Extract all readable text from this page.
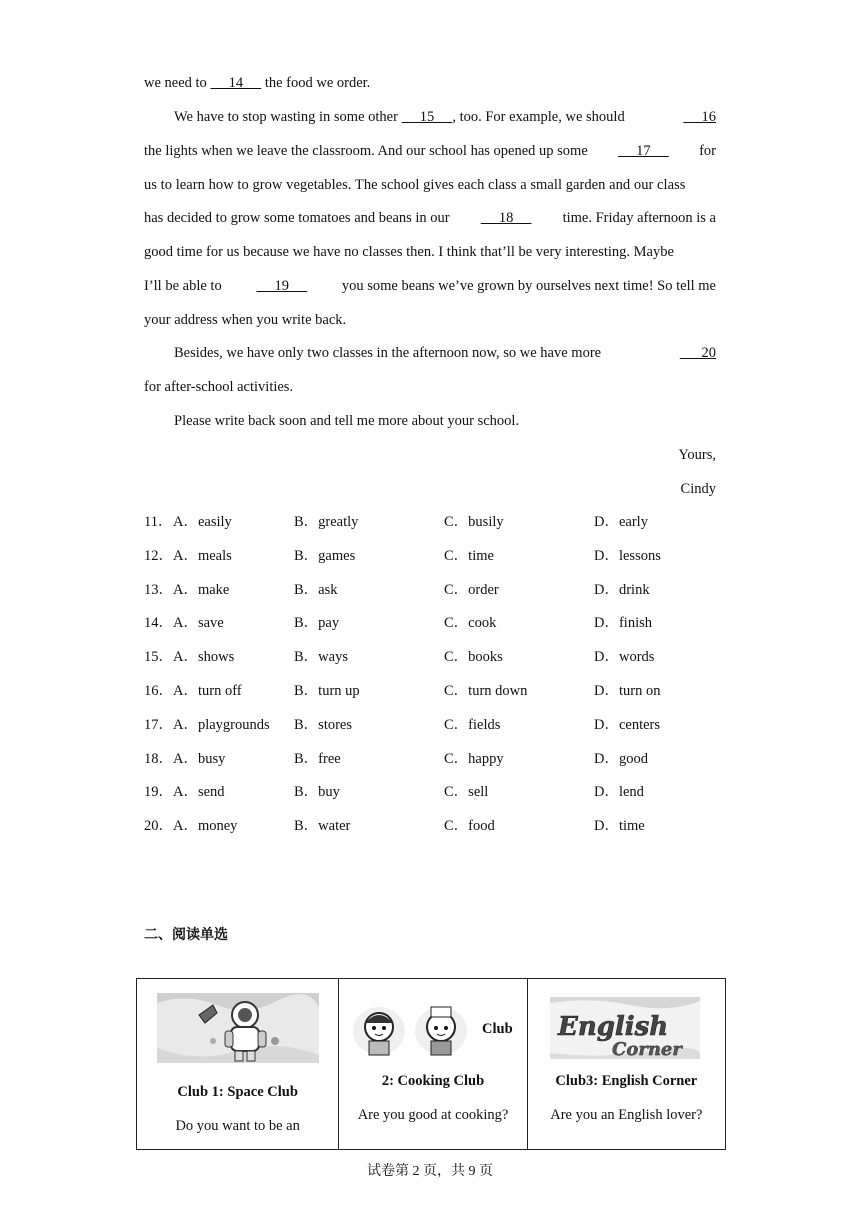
we need to      14      the food we order.
We have to stop wasting in some other      15     , too. For example, we should	16
the lights when we leave the classroom. And our school has opened up some 17 for
us to learn how to grow vegetables. The school gives each class a small garden and our class
has decided to grow some tomatoes and beans in our 18 time. Friday afternoon is a
good time for us because we have no classes then. I think that’ll be very interesting. Maybe
I’ll be able to 19 you some beans we’ve grown by ourselves next time! So tell me
your address when you write back.
Besides, we have only two classes in the afternoon now, so we have more	20
for after-school activities.
Please write back soon and tell me more about your school.
Yours,
Cindy
11． A．easily	B．greatly	C．busily	D．early
12． A．meals	B．games	C．time	D．lessons
13． A．make	B．ask	C．order	D．drink
14． A．save	B．pay	C．cook	D．finish
15． A．shows	B．ways	C．books	D．words
16． A．turn off	B．turn up	C．turn down	D．turn on
17． A．playgrounds B．stores	C．fields	D．centers
18． A．busy	B．free	C．happy	D．good
19． A．send	B．buy	C．sell	D．lend
20． A．money	B．water	C．food	D．time
二、阅读单选
Club 1: Space Club
Do you want to be an

Club
2: Cooking Club
Are you good at cooking?

English
Corner
Club3: English Corner
Are you an English lover?
试卷第 2 页，共 9 页
